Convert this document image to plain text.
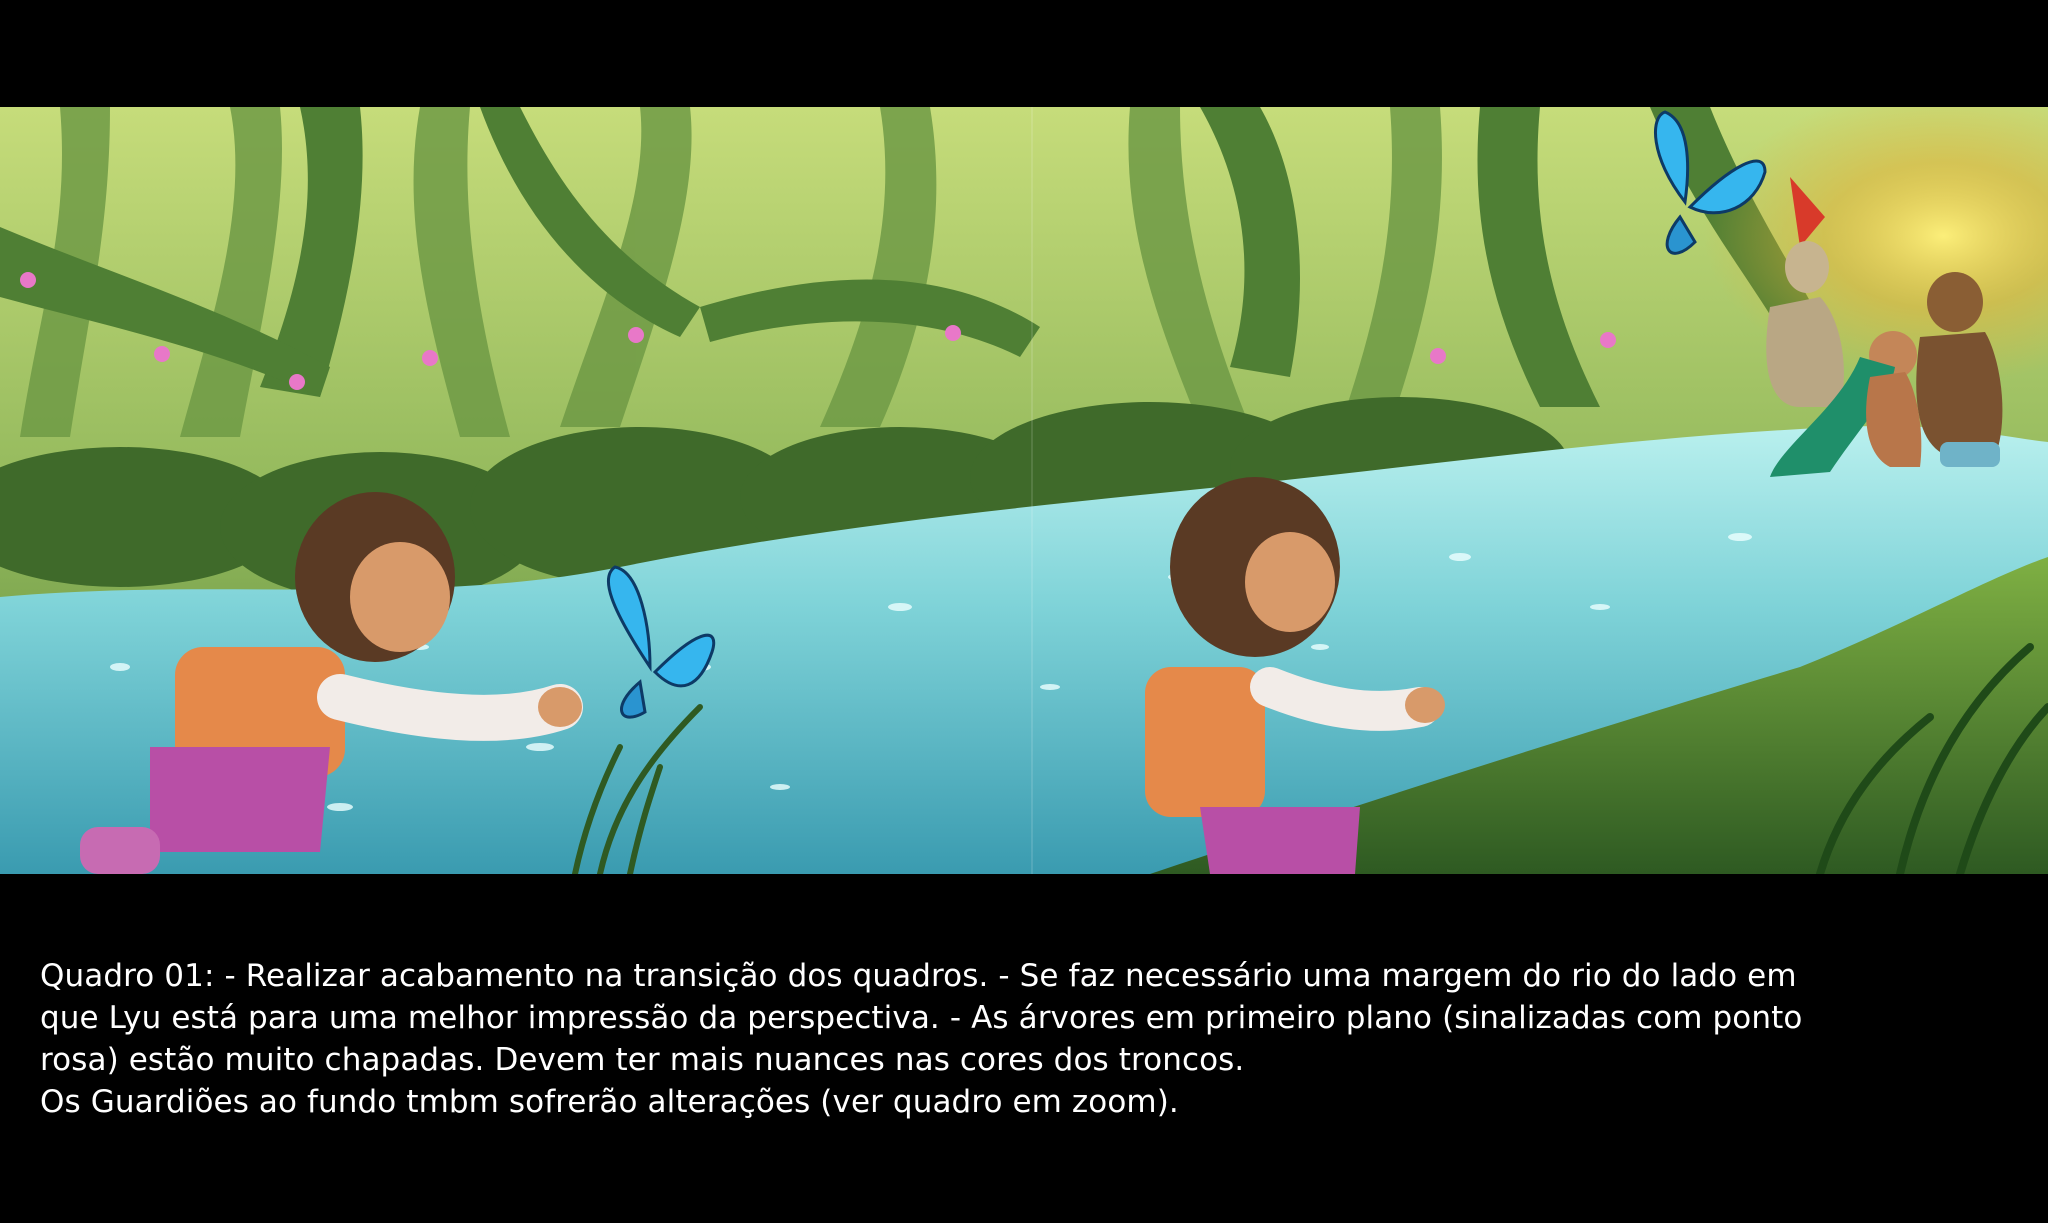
Quadro 01: - Realizar acabamento na transição dos quadros. - Se faz necessário uma margem do rio do lado em

que Lyu está para uma melhor impressão da perspectiva. - As árvores em primeiro plano (sinalizadas com ponto

rosa) estão muito chapadas. Devem ter mais nuances nas cores dos troncos.

Os Guardiões ao fundo tmbm sofrerão alterações (ver quadro em zoom).
